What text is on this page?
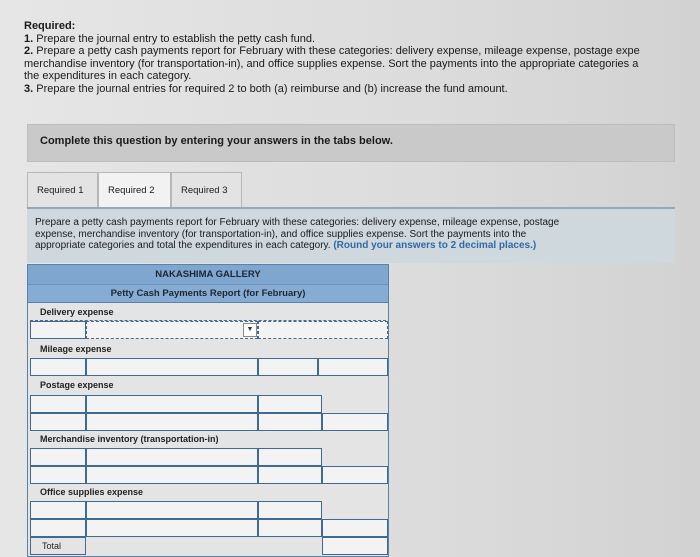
Required:
1. Prepare the journal entry to establish the petty cash fund.
2. Prepare a petty cash payments report for February with these categories: delivery expense, mileage expense, postage expe
merchandise inventory (for transportation-in), and office supplies expense. Sort the payments into the appropriate categories a
the expenditures in each category.
3. Prepare the journal entries for required 2 to both (a) reimburse and (b) increase the fund amount.
Complete this question by entering your answers in the tabs below.
Required 1	Required 2	Required 3
Prepare a petty cash payments report for February with these categories: delivery expense, mileage expense, postage
expense, merchandise inventory (for transportation-in), and office supplies expense. Sort the payments into the
appropriate categories and total the expenditures in each category. (Round your answers to 2 decimal places.)
NAKASHIMA GALLERY
Petty Cash Payments Report (for February)
Delivery expense
▼
Mileage expense
Postage expense
Merchandise inventory (transportation-in)
Office supplies expense
Total
